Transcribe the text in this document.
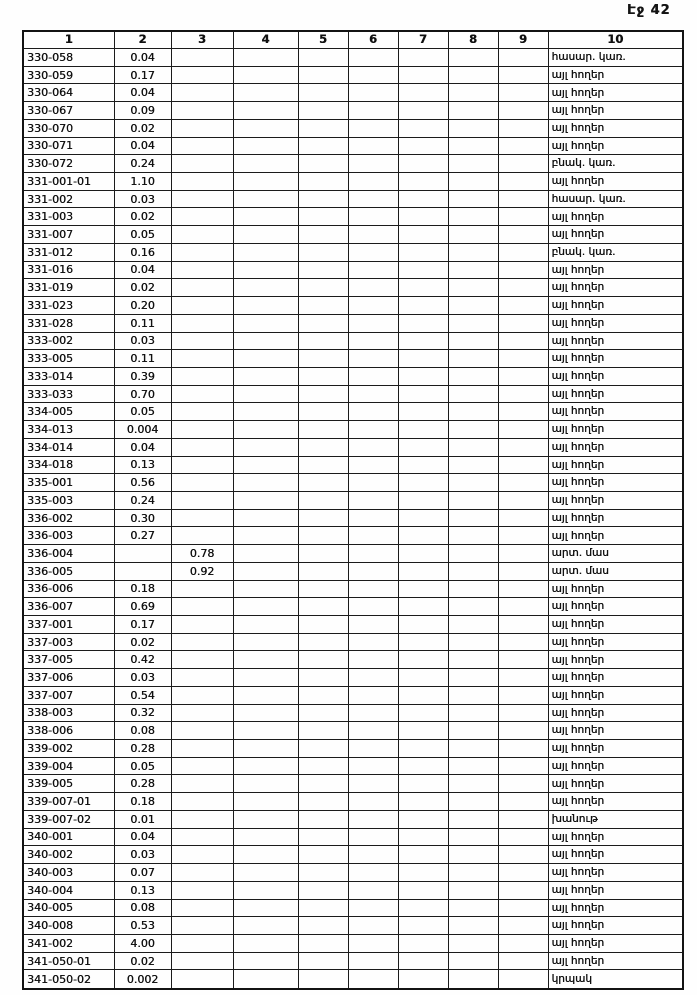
Էջ 42
1	2	3	4	5	6	7	8	9	10
330-058	0.04								հասար. կառ.
330-059	0.17								այլ հողեր
330-064	0.04								այլ հողեր
330-067	0.09								այլ հողեր
330-070	0.02								այլ հողեր
330-071	0.04								այլ հողեր
330-072	0.24								բնակ. կառ.
331-001-01	1.10								այլ հողեր
331-002	0.03								հասար. կառ.
331-003	0.02								այլ հողեր
331-007	0.05								այլ հողեր
331-012	0.16								բնակ. կառ.
331-016	0.04								այլ հողեր
331-019	0.02								այլ հողեր
331-023	0.20								այլ հողեր
331-028	0.11								այլ հողեր
333-002	0.03								այլ հողեր
333-005	0.11								այլ հողեր
333-014	0.39								այլ հողեր
333-033	0.70								այլ հողեր
334-005	0.05								այլ հողեր
334-013	0.004								այլ հողեր
334-014	0.04								այլ հողեր
334-018	0.13								այլ հողեր
335-001	0.56								այլ հողեր
335-003	0.24								այլ հողեր
336-002	0.30								այլ հողեր
336-003	0.27								այլ հողեր
336-004		0.78							արտ. մաս
336-005		0.92							արտ. մաս
336-006	0.18								այլ հողեր
336-007	0.69								այլ հողեր
337-001	0.17								այլ հողեր
337-003	0.02								այլ հողեր
337-005	0.42								այլ հողեր
337-006	0.03								այլ հողեր
337-007	0.54								այլ հողեր
338-003	0.32								այլ հողեր
338-006	0.08								այլ հողեր
339-002	0.28								այլ հողեր
339-004	0.05								այլ հողեր
339-005	0.28								այլ հողեր
339-007-01	0.18								այլ հողեր
339-007-02	0.01								խանութ
340-001	0.04								այլ հողեր
340-002	0.03								այլ հողեր
340-003	0.07								այլ հողեր
340-004	0.13								այլ հողեր
340-005	0.08								այլ հողեր
340-008	0.53								այլ հողեր
341-002	4.00								այլ հողեր
341-050-01	0.02								այլ հողեր
341-050-02	0.002								կրպակ
